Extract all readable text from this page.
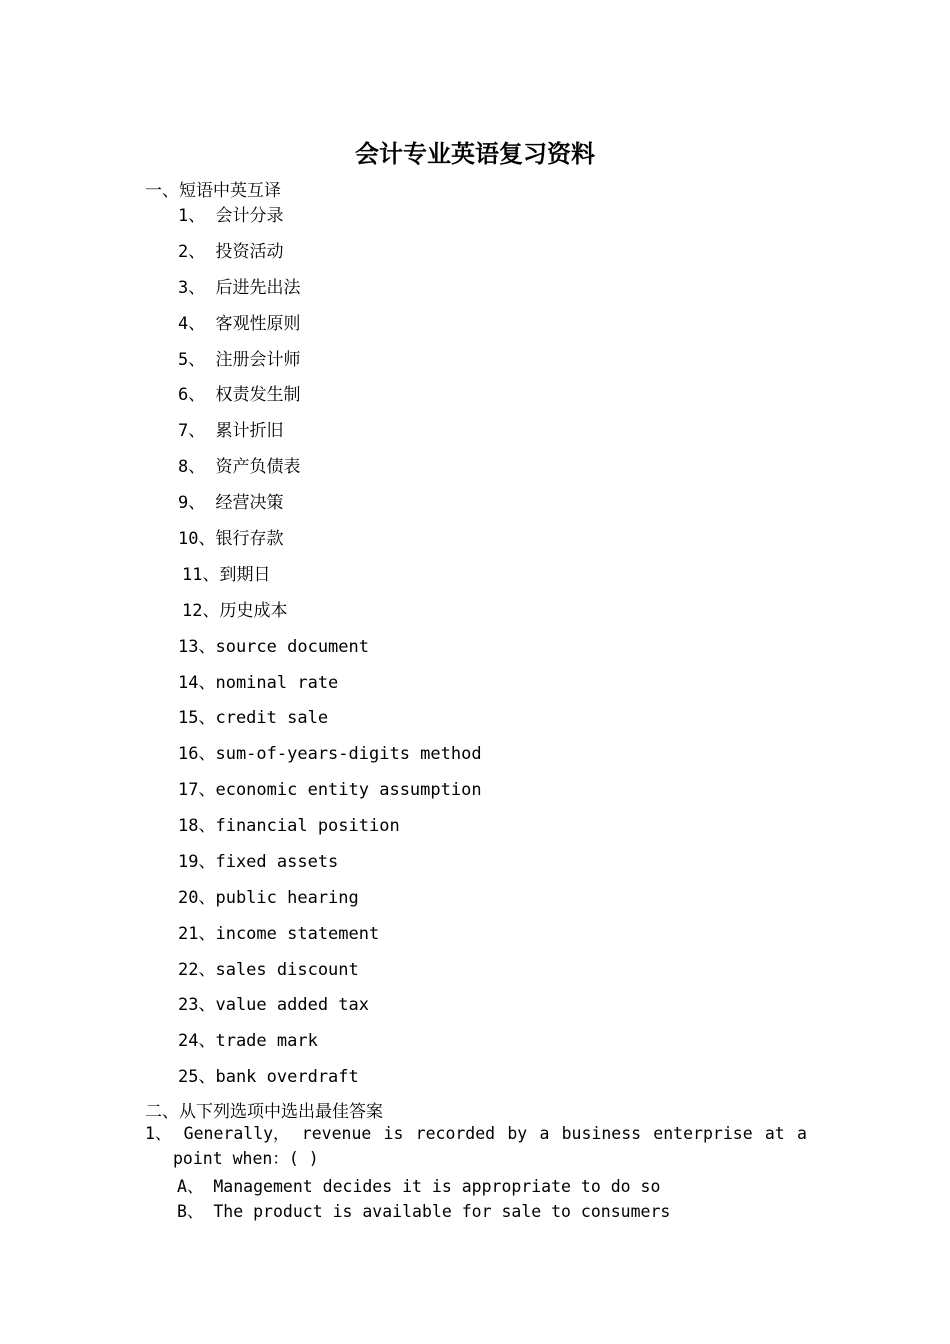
会计专业英语复习资料
一、短语中英互译
1、 会计分录
2、 投资活动
3、 后进先出法
4、 客观性原则
5、 注册会计师
6、 权责发生制
7、 累计折旧
8、 资产负债表
9、 经营决策
10、银行存款
11、到期日
12、历史成本
13、source document
14、nominal rate
15、credit sale
16、sum-of-years-digits method
17、economic entity assumption
18、financial position
19、fixed assets
20、public hearing
21、income statement
22、sales discount
23、value added tax
24、trade mark
25、bank overdraft
二、从下列选项中选出最佳答案
1、 Generally， revenue is recorded by a business enterprise at a
point when：( )
A、 Management decides it is appropriate to do so
B、 The product is available for sale to consumers
